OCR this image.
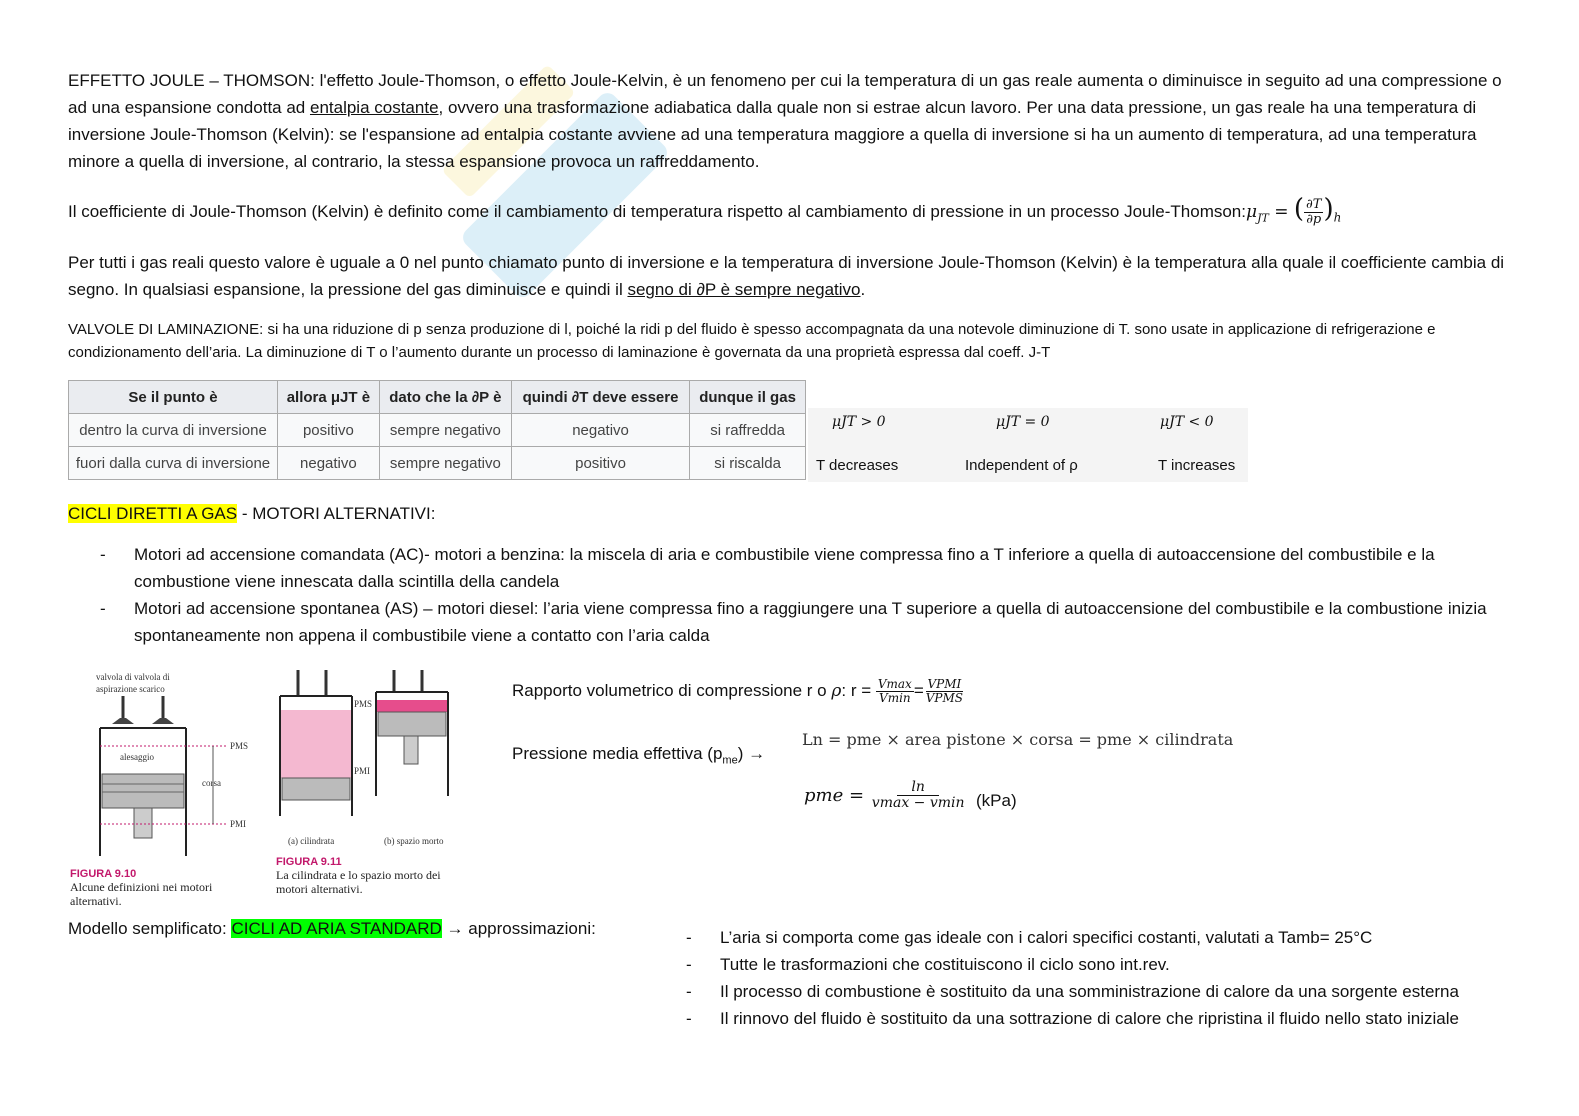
EFFETTO JOULE – THOMSON: l'effetto Joule-Thomson, o effetto Joule-Kelvin, è un fenomeno per cui la temperatura di un gas reale aumenta o diminuisce in seguito ad una compressione o ad una espansione condotta ad entalpia costante, ovvero una trasformazione adiabatica dalla quale non si estrae alcun lavoro. Per una data pressione, un gas reale ha una temperatura di inversione Joule-Thomson (Kelvin): se l'espansione ad entalpia costante avviene ad una temperatura maggiore a quella di inversione si ha un aumento di temperatura, ad una temperatura minore a quella di inversione, al contrario, la stessa espansione provoca un raffreddamento.
Il coefficiente di Joule-Thomson (Kelvin) è definito come il cambiamento di temperatura rispetto al cambiamento di pressione in un processo Joule-$Thomson:\mu_{JT}$ = ( $\frac{\partial T}{\partial p} )_h$
Per tutti i gas reali questo valore è uguale a 0 nel punto chiamato punto di inversione e la temperatura di inversione Joule-Thomson (Kelvin) è la temperatura alla quale il coefficiente cambia di segno. In qualsiasi espansione, la pressione del gas diminuisce e quindi il segno di ∂P è sempre negativo.
VALVOLE DI LAMINAZIONE: si ha una riduzione di p senza produzione di l, poiché la ridi p del fluido è spesso accompagnata da una notevole diminuzione di T. sono usate in applicazione di refrigerazione e condizionamento dell’aria. La diminuzione di T o l’aumento durante un processo di laminazione è governata da una proprietà espressa dal coeff. J-T
Se il punto è	allora μJT è	dato che la ∂P è	quindi ∂T deve essere	dunque il gas
dentro la curva di inversione	positivo	sempre negativo	negativo	si raffredda
fuori dalla curva di inversione	negativo	sempre negativo	positivo	si riscalda
μJT > 0	μJT = 0	μJT < 0
T decreases	Independent of ρ	T increases
CICLI DIRETTI A GAS - MOTORI ALTERNATIVI:
- Motori ad accensione comandata (AC)- motori a benzina: la miscela di aria e combustibile viene compressa fino a T inferiore a quella di autoaccensione del combustibile e la combustione viene innescata dalla scintilla della candela
- Motori ad accensione spontanea (AS) – motori diesel: l’aria viene compressa fino a raggiungere una T superiore a quella di autoaccensione del combustibile e la combustione inizia spontaneamente non appena il combustibile viene a contatto con l’aria calda
valvola di valvola di
aspirazione scarico
alesaggio
corsa
PMS
PMI
FIGURA 9.10
Alcune definizioni nei motori alternativi.
PMS
PMI
(a) cilindrata	(b) spazio morto
FIGURA 9.11
La cilindrata e lo spazio morto dei motori alternativi.
Rapporto volumetrico di compressione r o ρ: $r = \frac{Vmax}{Vmin} = \frac{\text{VPMI}}{\text{VPMS}}$
Pressione media effettiva $(p_{me})$ →
Ln = pme × area pistone × corsa = pme × cilindrata
pme = $\frac{\ln}{vmax - vmin} (kPa)$
Modello semplificato: CICLI AD ARIA STANDARD → approssimazioni:	- L’aria si comporta come gas ideale con i calori specifici costanti, valutati a Tamb= 25°C
- Tutte le trasformazioni che costituiscono il ciclo sono int.rev.
- Il processo di combustione è sostituito da una somministrazione di calore da una sorgente esterna
- Il rinnovo del fluido è sostituito da una sottrazione di calore che ripristina il fluido nello stato iniziale
